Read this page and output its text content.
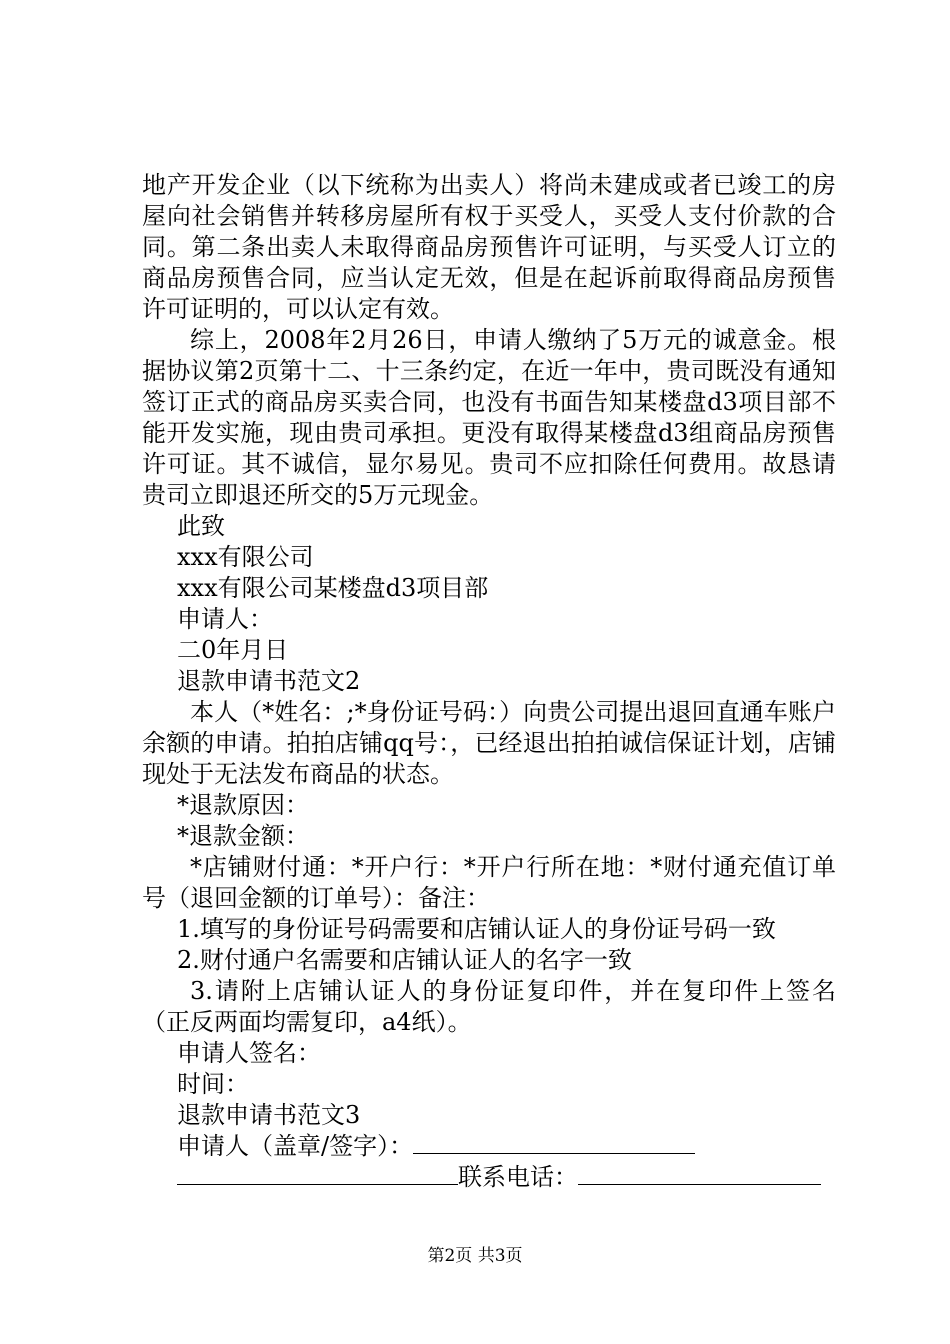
地产开发企业（以下统称为出卖人）将尚未建成或者已竣工的房屋向社会销售并转移房屋所有权于买受人，买受人支付价款的合同。第二条出卖人未取得商品房预售许可证明，与买受人订立的商品房预售合同，应当认定无效，但是在起诉前取得商品房预售许可证明的，可以认定有效。

综上，2008年2月26日，申请人缴纳了5万元的诚意金。根据协议第2页第十二、十三条约定，在近一年中，贵司既没有通知签订正式的商品房买卖合同，也没有书面告知某楼盘d3项目部不能开发实施，现由贵司承担。更没有取得某楼盘d3组商品房预售许可证。其不诚信，显尔易见。贵司不应扣除任何费用。故恳请贵司立即退还所交的5万元现金。

此致

xxx有限公司

xxx有限公司某楼盘d3项目部

申请人：

二0年月日

退款申请书范文2

本人（*姓名：;*身份证号码：）向贵公司提出退回直通车账户余额的申请。拍拍店铺qq号：，已经退出拍拍诚信保证计划，店铺现处于无法发布商品的状态。

*退款原因：

*退款金额：

*店铺财付通：*开户行：*开户行所在地：*财付通充值订单号（退回金额的订单号）：备注：

1.填写的身份证号码需要和店铺认证人的身份证号码一致

2.财付通户名需要和店铺认证人的名字一致

3.请附上店铺认证人的身份证复印件，并在复印件上签名（正反两面均需复印，a4纸）。

申请人签名：

时间：

退款申请书范文3

申请人（盖章/签字）：

联系电话：

第2页 共3页
